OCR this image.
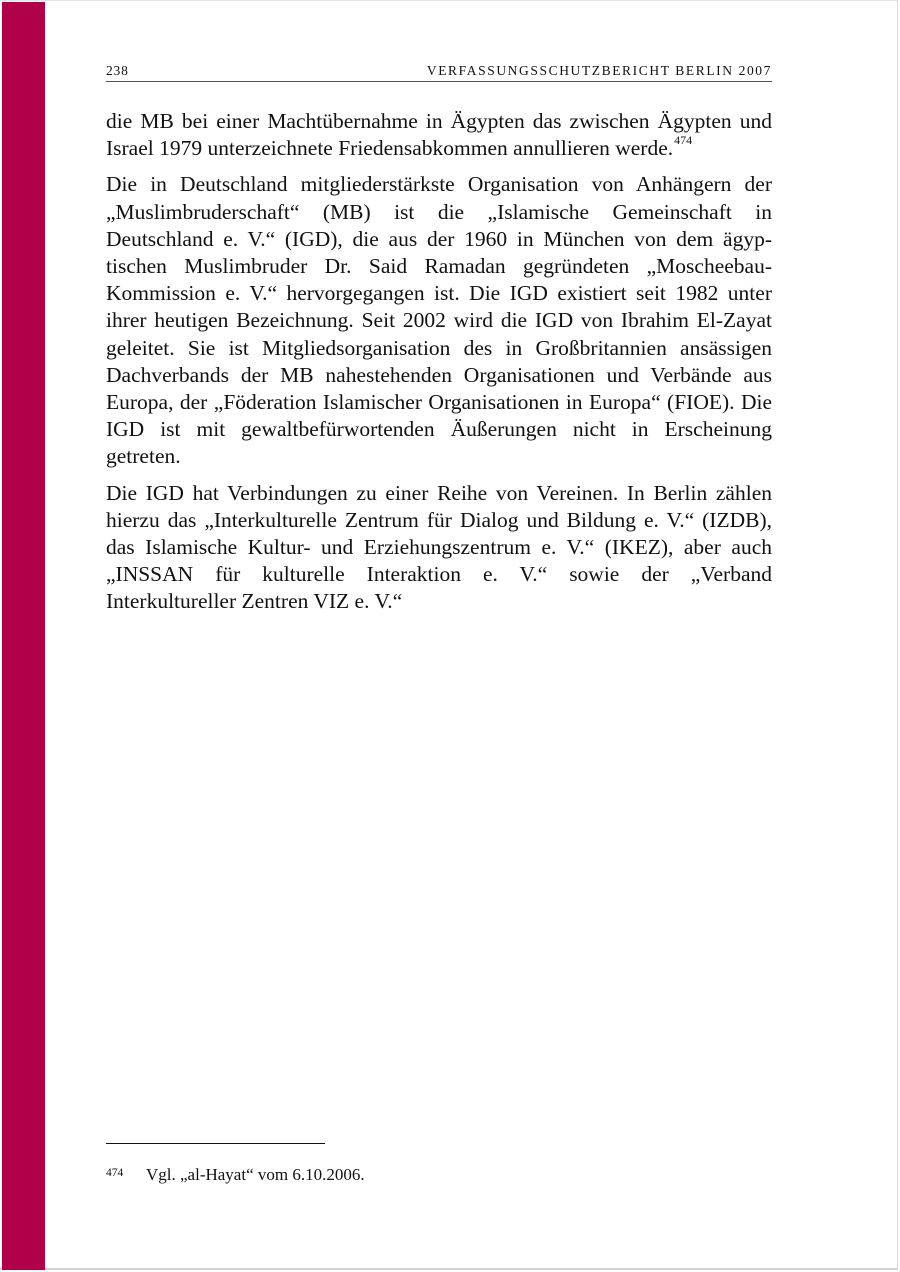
238	VERFASSUNGSSCHUTZBERICHT BERLIN 2007

die MB bei einer Machtübernahme in Ägypten das zwischen Ägypten und Israel 1979 unterzeichnete Friedensabkommen annullieren werde.$^{474}$

Die in Deutschland mitgliederstärkste Organisation von Anhängern der „Muslimbruderschaft“ (MB) ist die „Islamische Gemeinschaft in Deutschland e. V.“ (IGD), die aus der 1960 in München von dem ägyptischen Muslimbruder Dr. Said Ramadan gegründeten „Moscheebau-Kommission e. V.“ hervorgegangen ist. Die IGD existiert seit 1982 unter ihrer heutigen Bezeichnung. Seit 2002 wird die IGD von Ibrahim El-Zayat geleitet. Sie ist Mitgliedsorganisation des in Großbritannien ansässigen Dachverbands der MB nahestehenden Organisationen und Verbände aus Europa, der „Föderation Islamischer Organisationen in Europa“ (FIOE). Die IGD ist mit gewaltbefürwortenden Äußerungen nicht in Erscheinung getreten.

Die IGD hat Verbindungen zu einer Reihe von Vereinen. In Berlin zählen hierzu das „Interkulturelle Zentrum für Dialog und Bildung e. V.“ (IZDB), das Islamische Kultur- und Erziehungszentrum e. V.“ (IKEZ), aber auch „INSSAN für kulturelle Interaktion e. V.“ sowie der „Verband Interkultureller Zentren VIZ e. V.“

474	Vgl. „al-Hayat“ vom 6.10.2006.
